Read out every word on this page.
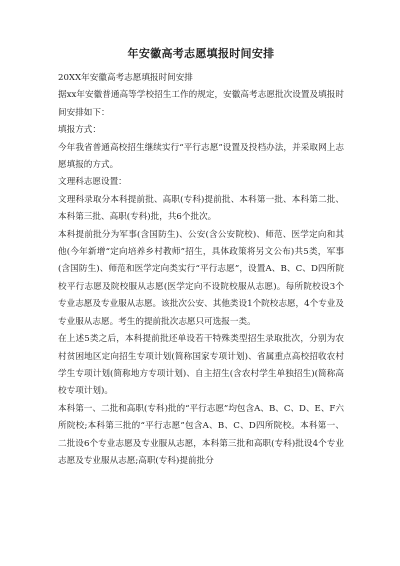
年安徽高考志愿填报时间安排

20XX年安徽高考志愿填报时间安排

据xx年安徽普通高等学校招生工作的规定，安徽高考志愿批次设置及填报时间安排如下：

填报方式：

今年我省普通高校招生继续实行“平行志愿”设置及投档办法，并采取网上志愿填报的方式。

文理科志愿设置：

文理科录取分本科提前批、高职(专科)提前批、本科第一批、本科第二批、本科第三批、高职(专科)批，共6个批次。

本科提前批分为军事(含国防生)、公安(含公安院校)、师范、医学定向和其他(今年新增“定向培养乡村教师”招生，具体政策将另文公布)共5类，军事(含国防生)、师范和医学定向类实行“平行志愿”，设置A、B、C、D四所院校平行志愿及院校服从志愿(医学定向不设院校服从志愿)。每所院校设3个专业志愿及专业服从志愿。该批次公安、其他类设1个院校志愿，4个专业及专业服从志愿。考生的提前批次志愿只可选报一类。

在上述5类之后，本科提前批还单设若干特殊类型招生录取批次，分别为农村贫困地区定向招生专项计划(简称国家专项计划)、省属重点高校招收农村学生专项计划(简称地方专项计划)、自主招生(含农村学生单独招生)(简称高校专项计划)。

本科第一、二批和高职(专科)批的“平行志愿”均包含A、B、C、D、E、F六所院校;本科第三批的“平行志愿”包含A、B、C、D四所院校。本科第一、二批设6个专业志愿及专业服从志愿，本科第三批和高职(专科)批设4个专业志愿及专业服从志愿;高职(专科)提前批分
